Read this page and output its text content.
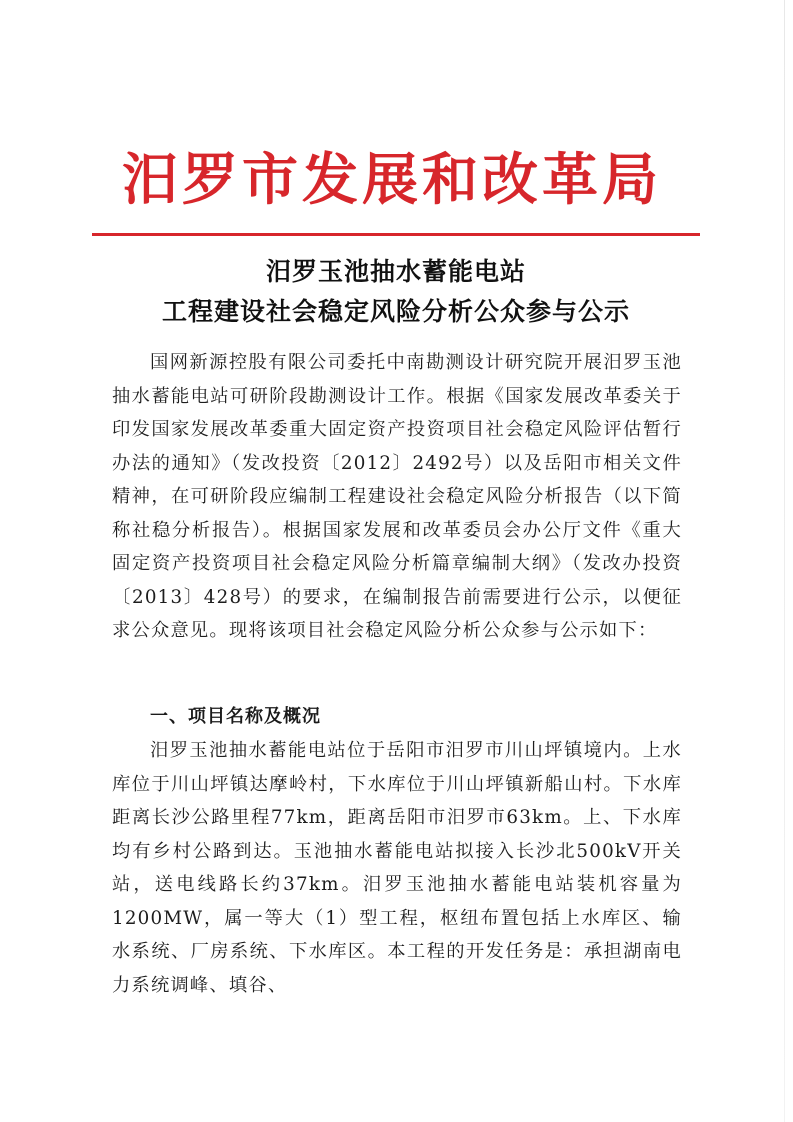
汨罗市发展和改革局
汨罗玉池抽水蓄能电站
工程建设社会稳定风险分析公众参与公示
国网新源控股有限公司委托中南勘测设计研究院开展汨罗玉池抽水蓄能电站可研阶段勘测设计工作。根据《国家发展改革委关于印发国家发展改革委重大固定资产投资项目社会稳定风险评估暂行办法的通知》（发改投资〔2012〕2492号）以及岳阳市相关文件精神，在可研阶段应编制工程建设社会稳定风险分析报告（以下简称社稳分析报告）。根据国家发展和改革委员会办公厅文件《重大固定资产投资项目社会稳定风险分析篇章编制大纲》（发改办投资〔2013〕428号）的要求，在编制报告前需要进行公示，以便征求公众意见。现将该项目社会稳定风险分析公众参与公示如下：
一、项目名称及概况
汨罗玉池抽水蓄能电站位于岳阳市汨罗市川山坪镇境内。上水库位于川山坪镇达摩岭村，下水库位于川山坪镇新船山村。下水库距离长沙公路里程77km，距离岳阳市汨罗市63km。上、下水库均有乡村公路到达。玉池抽水蓄能电站拟接入长沙北500kV开关站，送电线路长约37km。汨罗玉池抽水蓄能电站装机容量为1200MW，属一等大（1）型工程，枢纽布置包括上水库区、输水系统、厂房系统、下水库区。本工程的开发任务是：承担湖南电力系统调峰、填谷、
